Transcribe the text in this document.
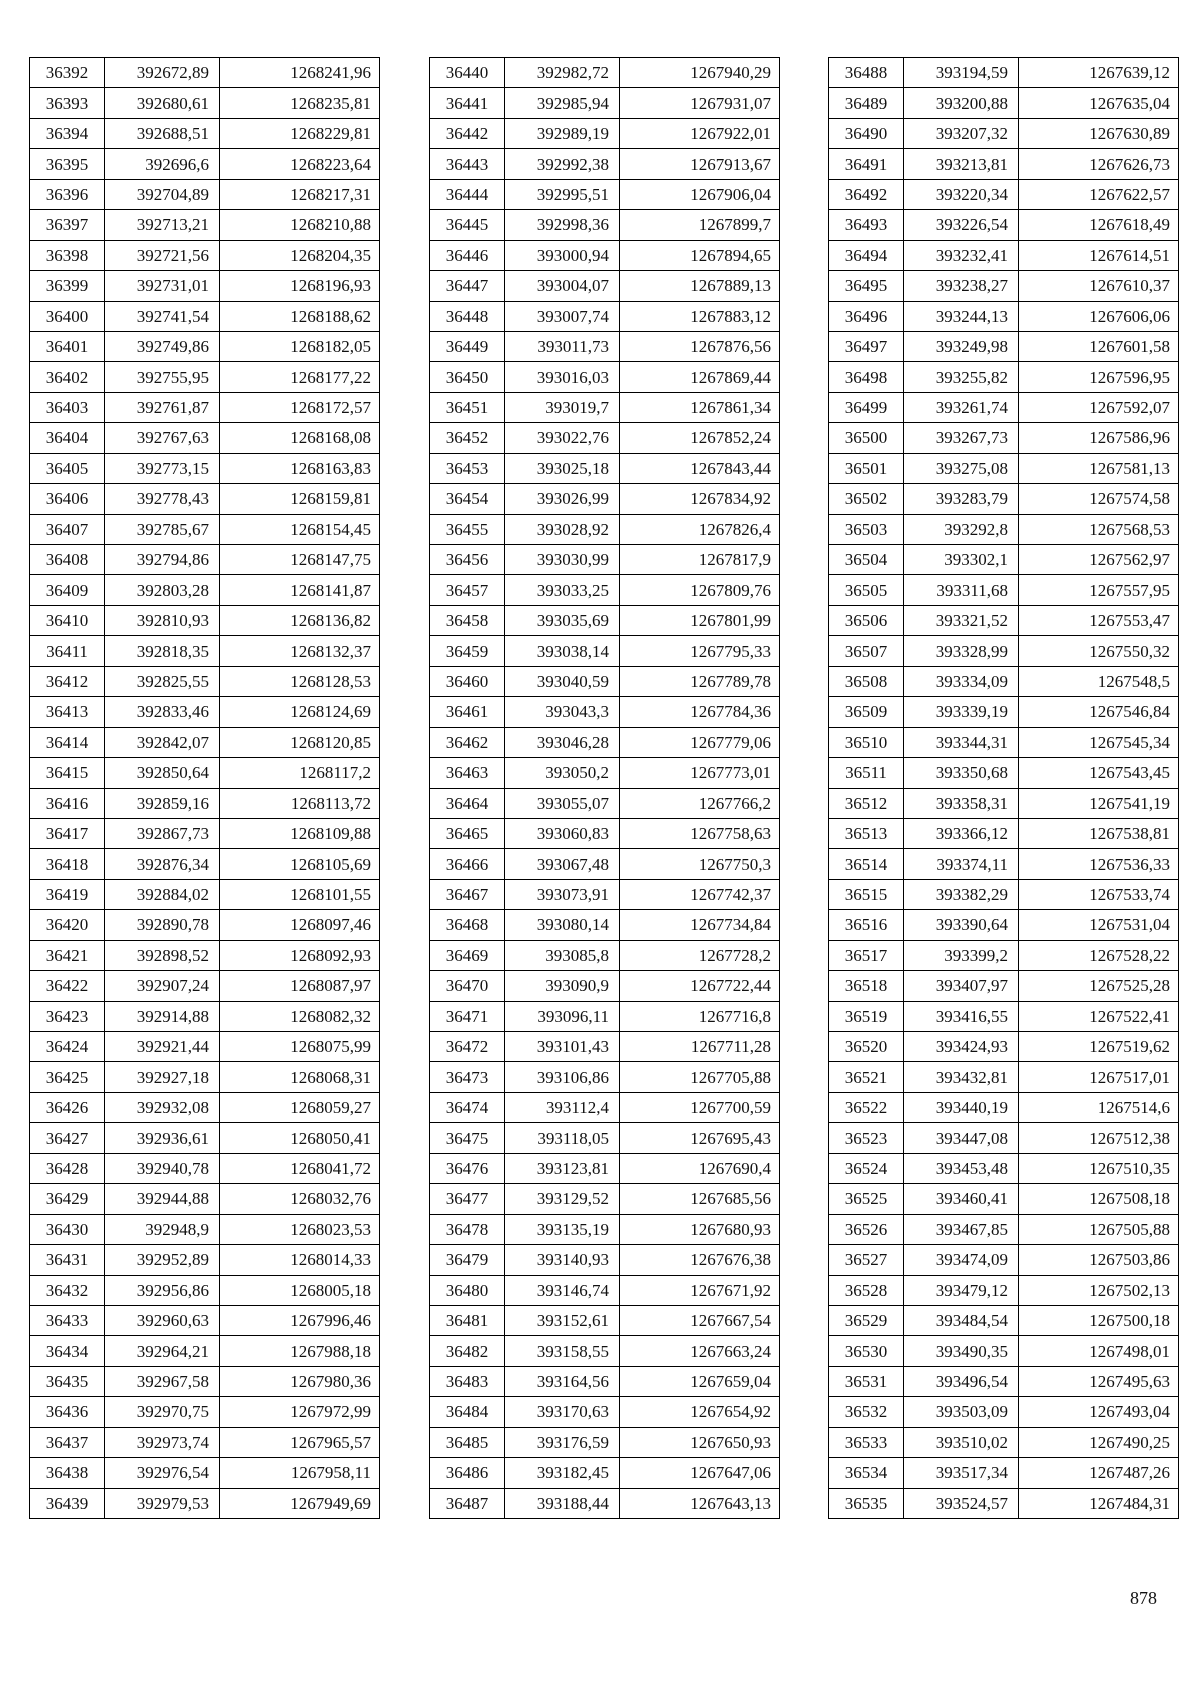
36392	392672,89	1268241,96
36393	392680,61	1268235,81
36394	392688,51	1268229,81
36395	392696,6	1268223,64
36396	392704,89	1268217,31
36397	392713,21	1268210,88
36398	392721,56	1268204,35
36399	392731,01	1268196,93
36400	392741,54	1268188,62
36401	392749,86	1268182,05
36402	392755,95	1268177,22
36403	392761,87	1268172,57
36404	392767,63	1268168,08
36405	392773,15	1268163,83
36406	392778,43	1268159,81
36407	392785,67	1268154,45
36408	392794,86	1268147,75
36409	392803,28	1268141,87
36410	392810,93	1268136,82
36411	392818,35	1268132,37
36412	392825,55	1268128,53
36413	392833,46	1268124,69
36414	392842,07	1268120,85
36415	392850,64	1268117,2
36416	392859,16	1268113,72
36417	392867,73	1268109,88
36418	392876,34	1268105,69
36419	392884,02	1268101,55
36420	392890,78	1268097,46
36421	392898,52	1268092,93
36422	392907,24	1268087,97
36423	392914,88	1268082,32
36424	392921,44	1268075,99
36425	392927,18	1268068,31
36426	392932,08	1268059,27
36427	392936,61	1268050,41
36428	392940,78	1268041,72
36429	392944,88	1268032,76
36430	392948,9	1268023,53
36431	392952,89	1268014,33
36432	392956,86	1268005,18
36433	392960,63	1267996,46
36434	392964,21	1267988,18
36435	392967,58	1267980,36
36436	392970,75	1267972,99
36437	392973,74	1267965,57
36438	392976,54	1267958,11
36439	392979,53	1267949,69
36440	392982,72	1267940,29
36441	392985,94	1267931,07
36442	392989,19	1267922,01
36443	392992,38	1267913,67
36444	392995,51	1267906,04
36445	392998,36	1267899,7
36446	393000,94	1267894,65
36447	393004,07	1267889,13
36448	393007,74	1267883,12
36449	393011,73	1267876,56
36450	393016,03	1267869,44
36451	393019,7	1267861,34
36452	393022,76	1267852,24
36453	393025,18	1267843,44
36454	393026,99	1267834,92
36455	393028,92	1267826,4
36456	393030,99	1267817,9
36457	393033,25	1267809,76
36458	393035,69	1267801,99
36459	393038,14	1267795,33
36460	393040,59	1267789,78
36461	393043,3	1267784,36
36462	393046,28	1267779,06
36463	393050,2	1267773,01
36464	393055,07	1267766,2
36465	393060,83	1267758,63
36466	393067,48	1267750,3
36467	393073,91	1267742,37
36468	393080,14	1267734,84
36469	393085,8	1267728,2
36470	393090,9	1267722,44
36471	393096,11	1267716,8
36472	393101,43	1267711,28
36473	393106,86	1267705,88
36474	393112,4	1267700,59
36475	393118,05	1267695,43
36476	393123,81	1267690,4
36477	393129,52	1267685,56
36478	393135,19	1267680,93
36479	393140,93	1267676,38
36480	393146,74	1267671,92
36481	393152,61	1267667,54
36482	393158,55	1267663,24
36483	393164,56	1267659,04
36484	393170,63	1267654,92
36485	393176,59	1267650,93
36486	393182,45	1267647,06
36487	393188,44	1267643,13
36488	393194,59	1267639,12
36489	393200,88	1267635,04
36490	393207,32	1267630,89
36491	393213,81	1267626,73
36492	393220,34	1267622,57
36493	393226,54	1267618,49
36494	393232,41	1267614,51
36495	393238,27	1267610,37
36496	393244,13	1267606,06
36497	393249,98	1267601,58
36498	393255,82	1267596,95
36499	393261,74	1267592,07
36500	393267,73	1267586,96
36501	393275,08	1267581,13
36502	393283,79	1267574,58
36503	393292,8	1267568,53
36504	393302,1	1267562,97
36505	393311,68	1267557,95
36506	393321,52	1267553,47
36507	393328,99	1267550,32
36508	393334,09	1267548,5
36509	393339,19	1267546,84
36510	393344,31	1267545,34
36511	393350,68	1267543,45
36512	393358,31	1267541,19
36513	393366,12	1267538,81
36514	393374,11	1267536,33
36515	393382,29	1267533,74
36516	393390,64	1267531,04
36517	393399,2	1267528,22
36518	393407,97	1267525,28
36519	393416,55	1267522,41
36520	393424,93	1267519,62
36521	393432,81	1267517,01
36522	393440,19	1267514,6
36523	393447,08	1267512,38
36524	393453,48	1267510,35
36525	393460,41	1267508,18
36526	393467,85	1267505,88
36527	393474,09	1267503,86
36528	393479,12	1267502,13
36529	393484,54	1267500,18
36530	393490,35	1267498,01
36531	393496,54	1267495,63
36532	393503,09	1267493,04
36533	393510,02	1267490,25
36534	393517,34	1267487,26
36535	393524,57	1267484,31
878
